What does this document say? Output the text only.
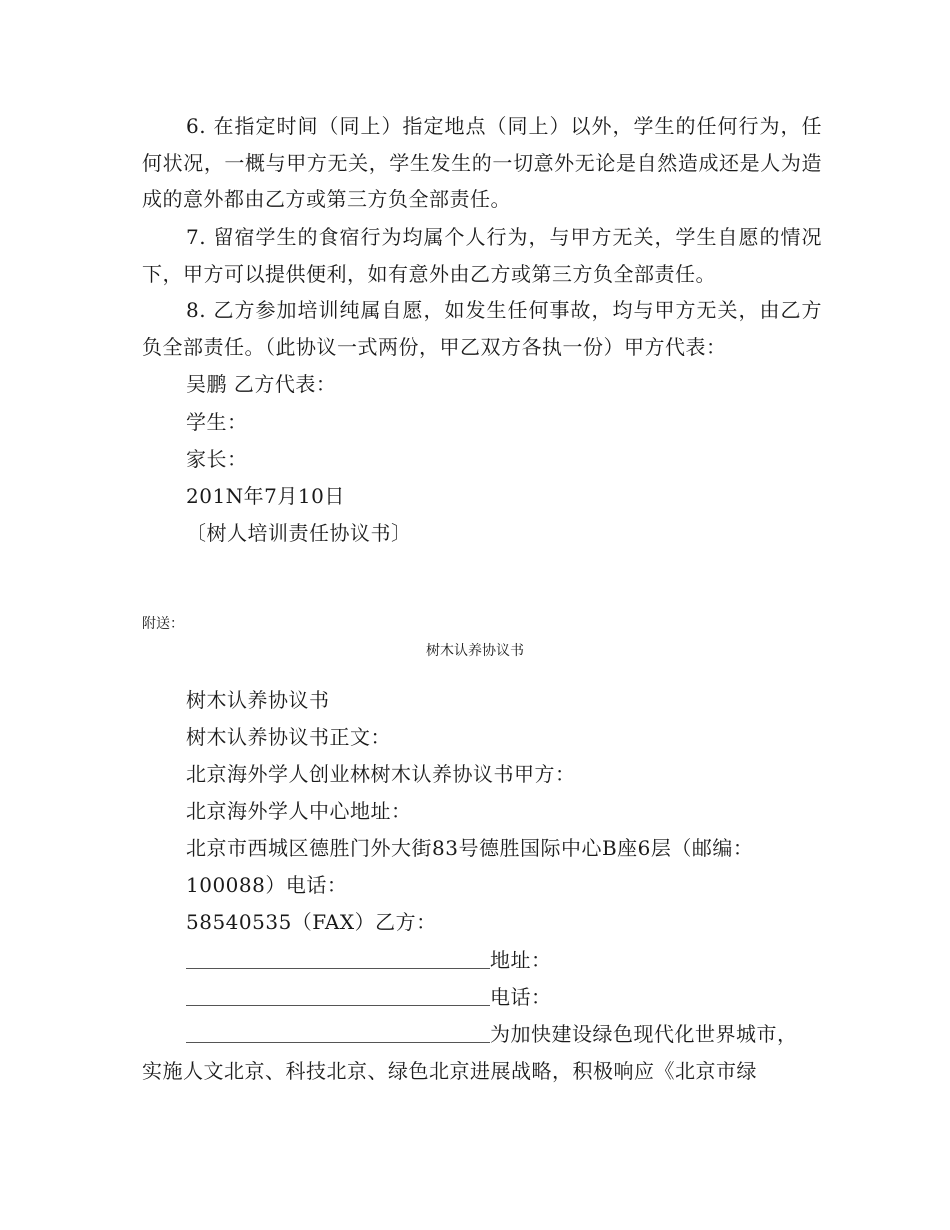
6. 在指定时间（同上）指定地点（同上）以外，学生的任何行为，任何状况，一概与甲方无关，学生发生的一切意外无论是自然造成还是人为造成的意外都由乙方或第三方负全部责任。
7. 留宿学生的食宿行为均属个人行为，与甲方无关，学生自愿的情况下，甲方可以提供便利，如有意外由乙方或第三方负全部责任。
8. 乙方参加培训纯属自愿，如发生任何事故，均与甲方无关，由乙方负全部责任。（此协议一式两份，甲乙双方各执一份）甲方代表：
吴鹏 乙方代表：
学生：
家长：
201N年7月10日
〔树人培训责任协议书〕
附送：
树木认养协议书
树木认养协议书
树木认养协议书正文：
北京海外学人创业林树木认养协议书甲方：
北京海外学人中心地址：
北京市西城区德胜门外大街83号德胜国际中心B座6层（邮编：
100088）电话：
58540535（FAX）乙方：
地址：
电话：
为加快建设绿色现代化世界城市，
实施人文北京、科技北京、绿色北京进展战略，积极响应《北京市绿
